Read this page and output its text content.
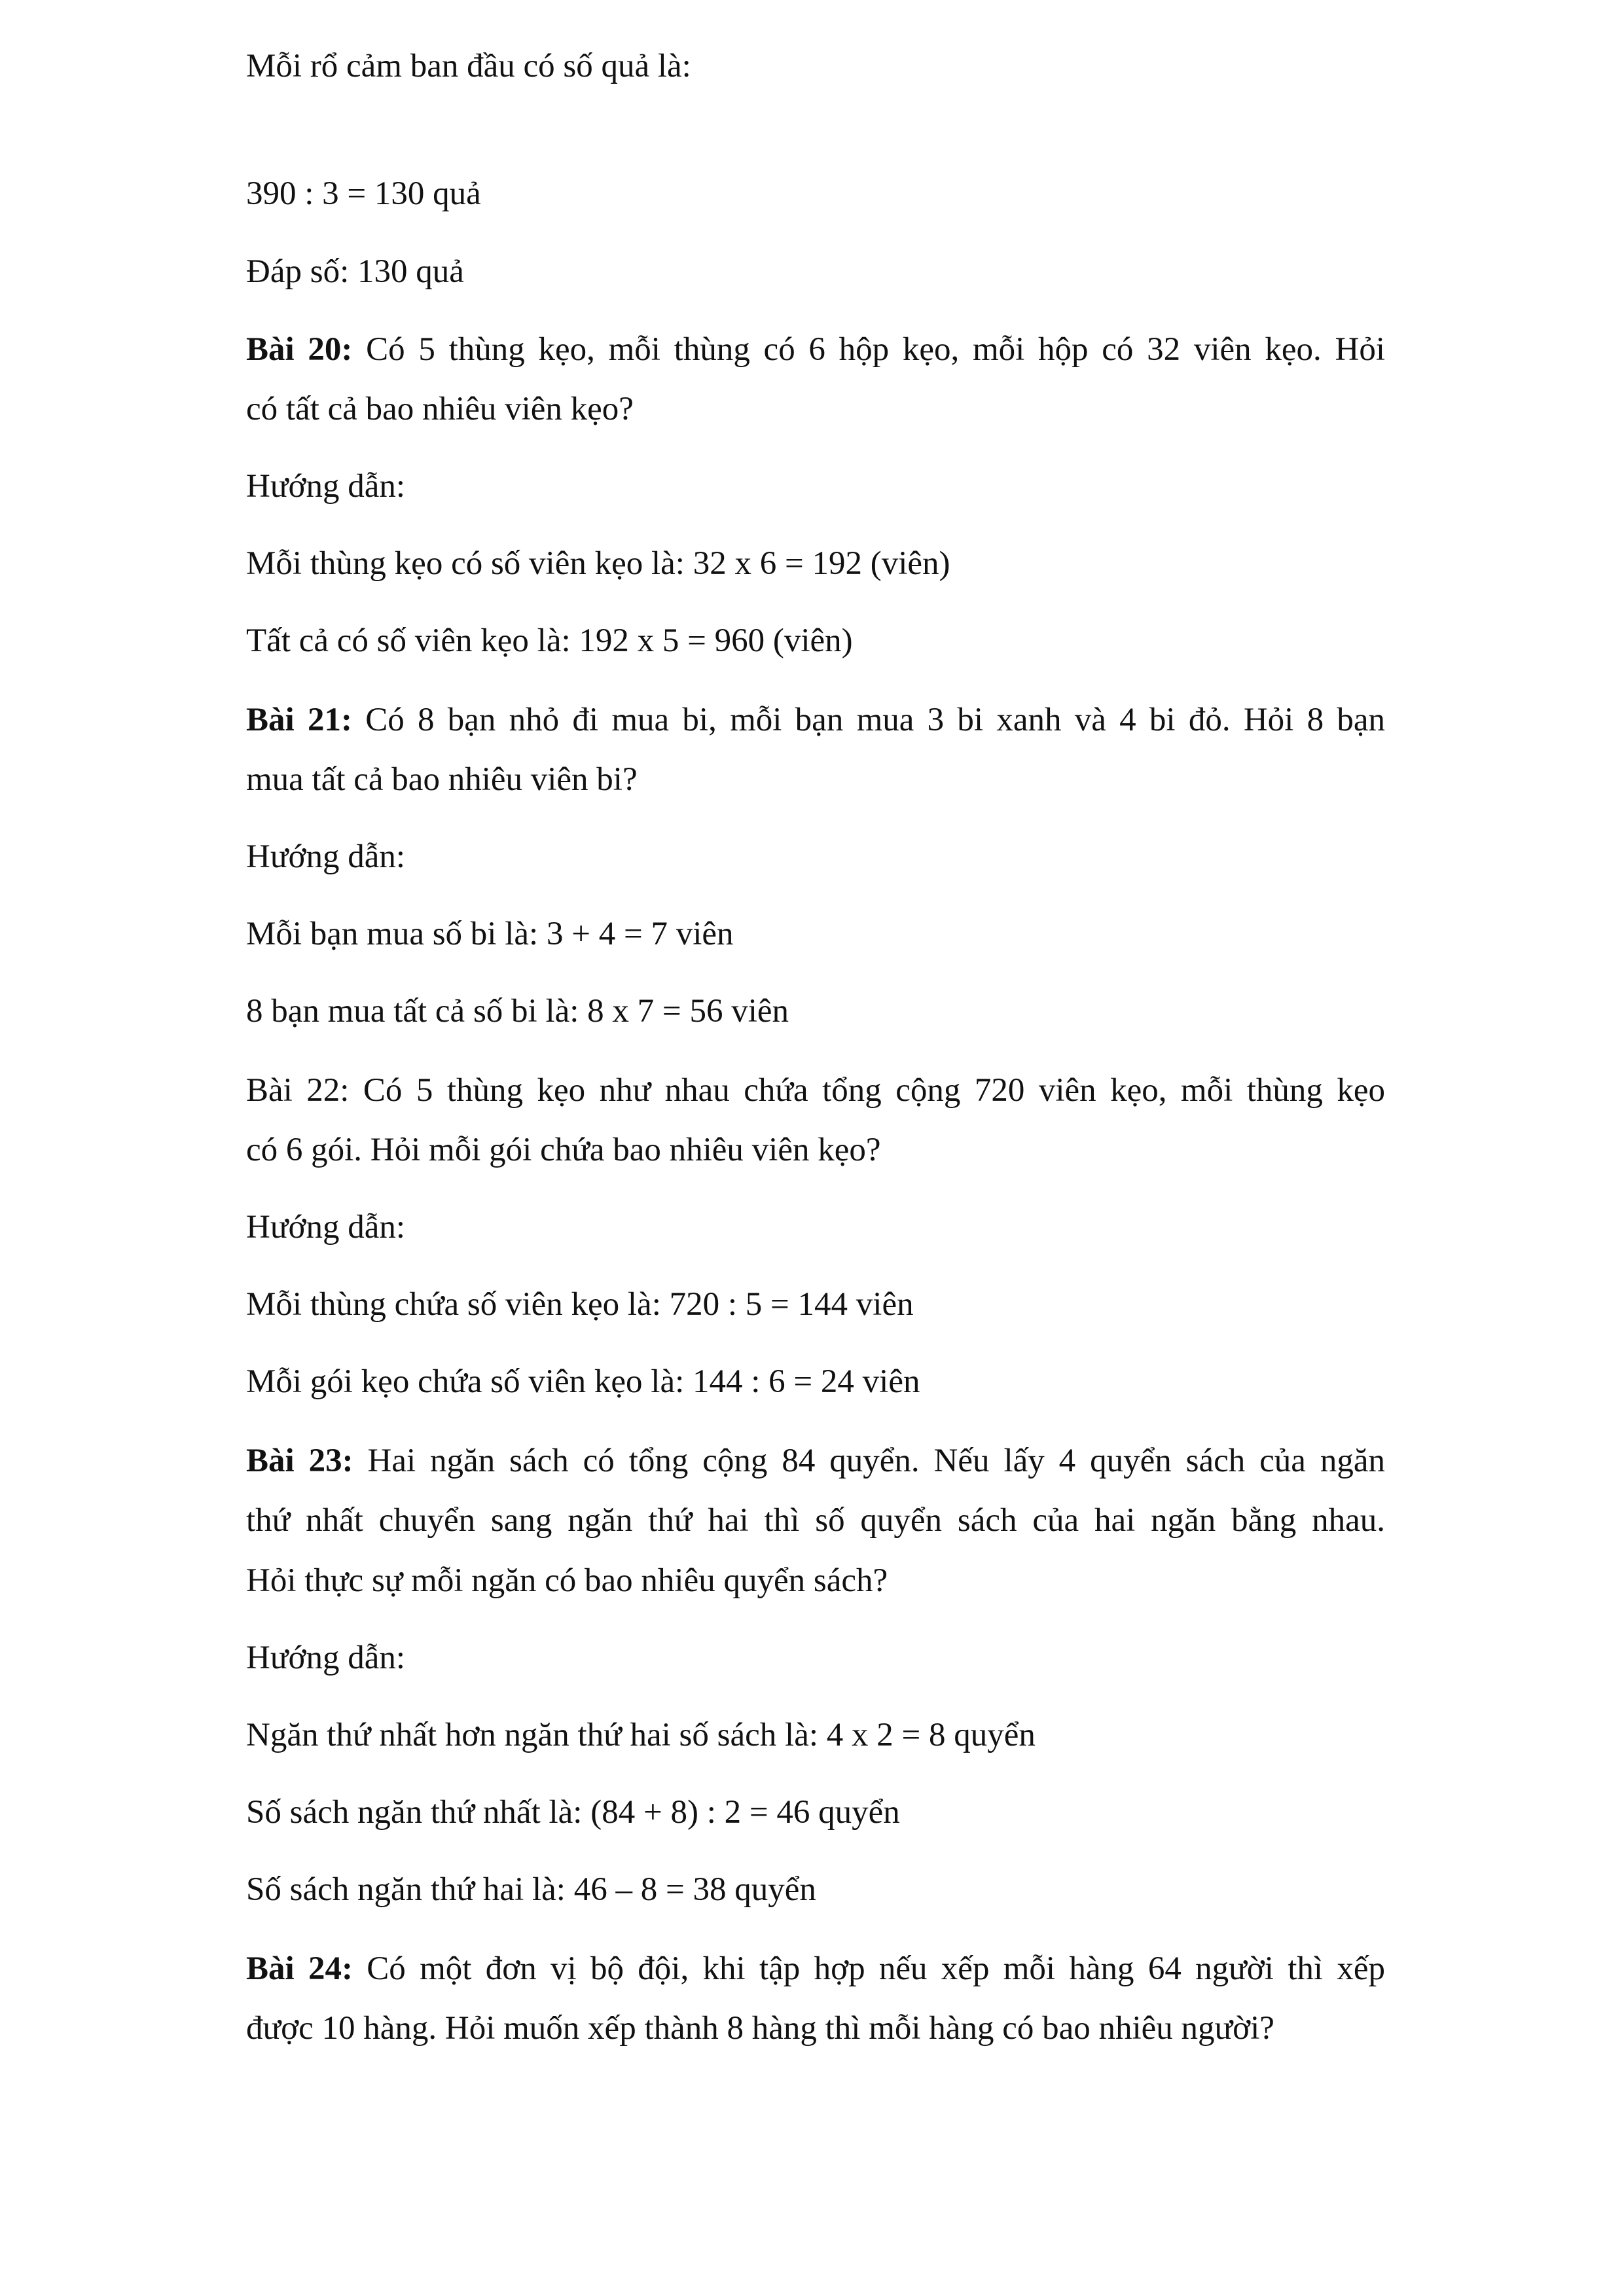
Mỗi rổ cảm ban đầu có số quả là:
390 : 3 = 130 quả
Đáp số: 130 quả
Bài 20: Có 5 thùng kẹo, mỗi thùng có 6 hộp kẹo, mỗi hộp có 32 viên kẹo. Hỏi
có tất cả bao nhiêu viên kẹo?
Hướng dẫn:
Mỗi thùng kẹo có số viên kẹo là: 32 x 6 = 192 (viên)
Tất cả có số viên kẹo là: 192 x 5 = 960 (viên)
Bài 21: Có 8 bạn nhỏ đi mua bi, mỗi bạn mua 3 bi xanh và 4 bi đỏ. Hỏi 8 bạn
mua tất cả bao nhiêu viên bi?
Hướng dẫn:
Mỗi bạn mua số bi là: 3 + 4 = 7 viên
8 bạn mua tất cả số bi là: 8 x 7 = 56 viên
Bài 22: Có 5 thùng kẹo như nhau chứa tổng cộng 720 viên kẹo, mỗi thùng kẹo
có 6 gói. Hỏi mỗi gói chứa bao nhiêu viên kẹo?
Hướng dẫn:
Mỗi thùng chứa số viên kẹo là: 720 : 5 = 144 viên
Mỗi gói kẹo chứa số viên kẹo là: 144 : 6 = 24 viên
Bài 23: Hai ngăn sách có tổng cộng 84 quyển. Nếu lấy 4 quyển sách của ngăn
thứ nhất chuyển sang ngăn thứ hai thì số quyển sách của hai ngăn bằng nhau.
Hỏi thực sự mỗi ngăn có bao nhiêu quyển sách?
Hướng dẫn:
Ngăn thứ nhất hơn ngăn thứ hai số sách là: 4 x 2 = 8 quyển
Số sách ngăn thứ nhất là: (84 + 8) : 2 = 46 quyển
Số sách ngăn thứ hai là: 46 – 8 = 38 quyển
Bài 24: Có một đơn vị bộ đội, khi tập hợp nếu xếp mỗi hàng 64 người thì xếp
được 10 hàng. Hỏi muốn xếp thành 8 hàng thì mỗi hàng có bao nhiêu người?
